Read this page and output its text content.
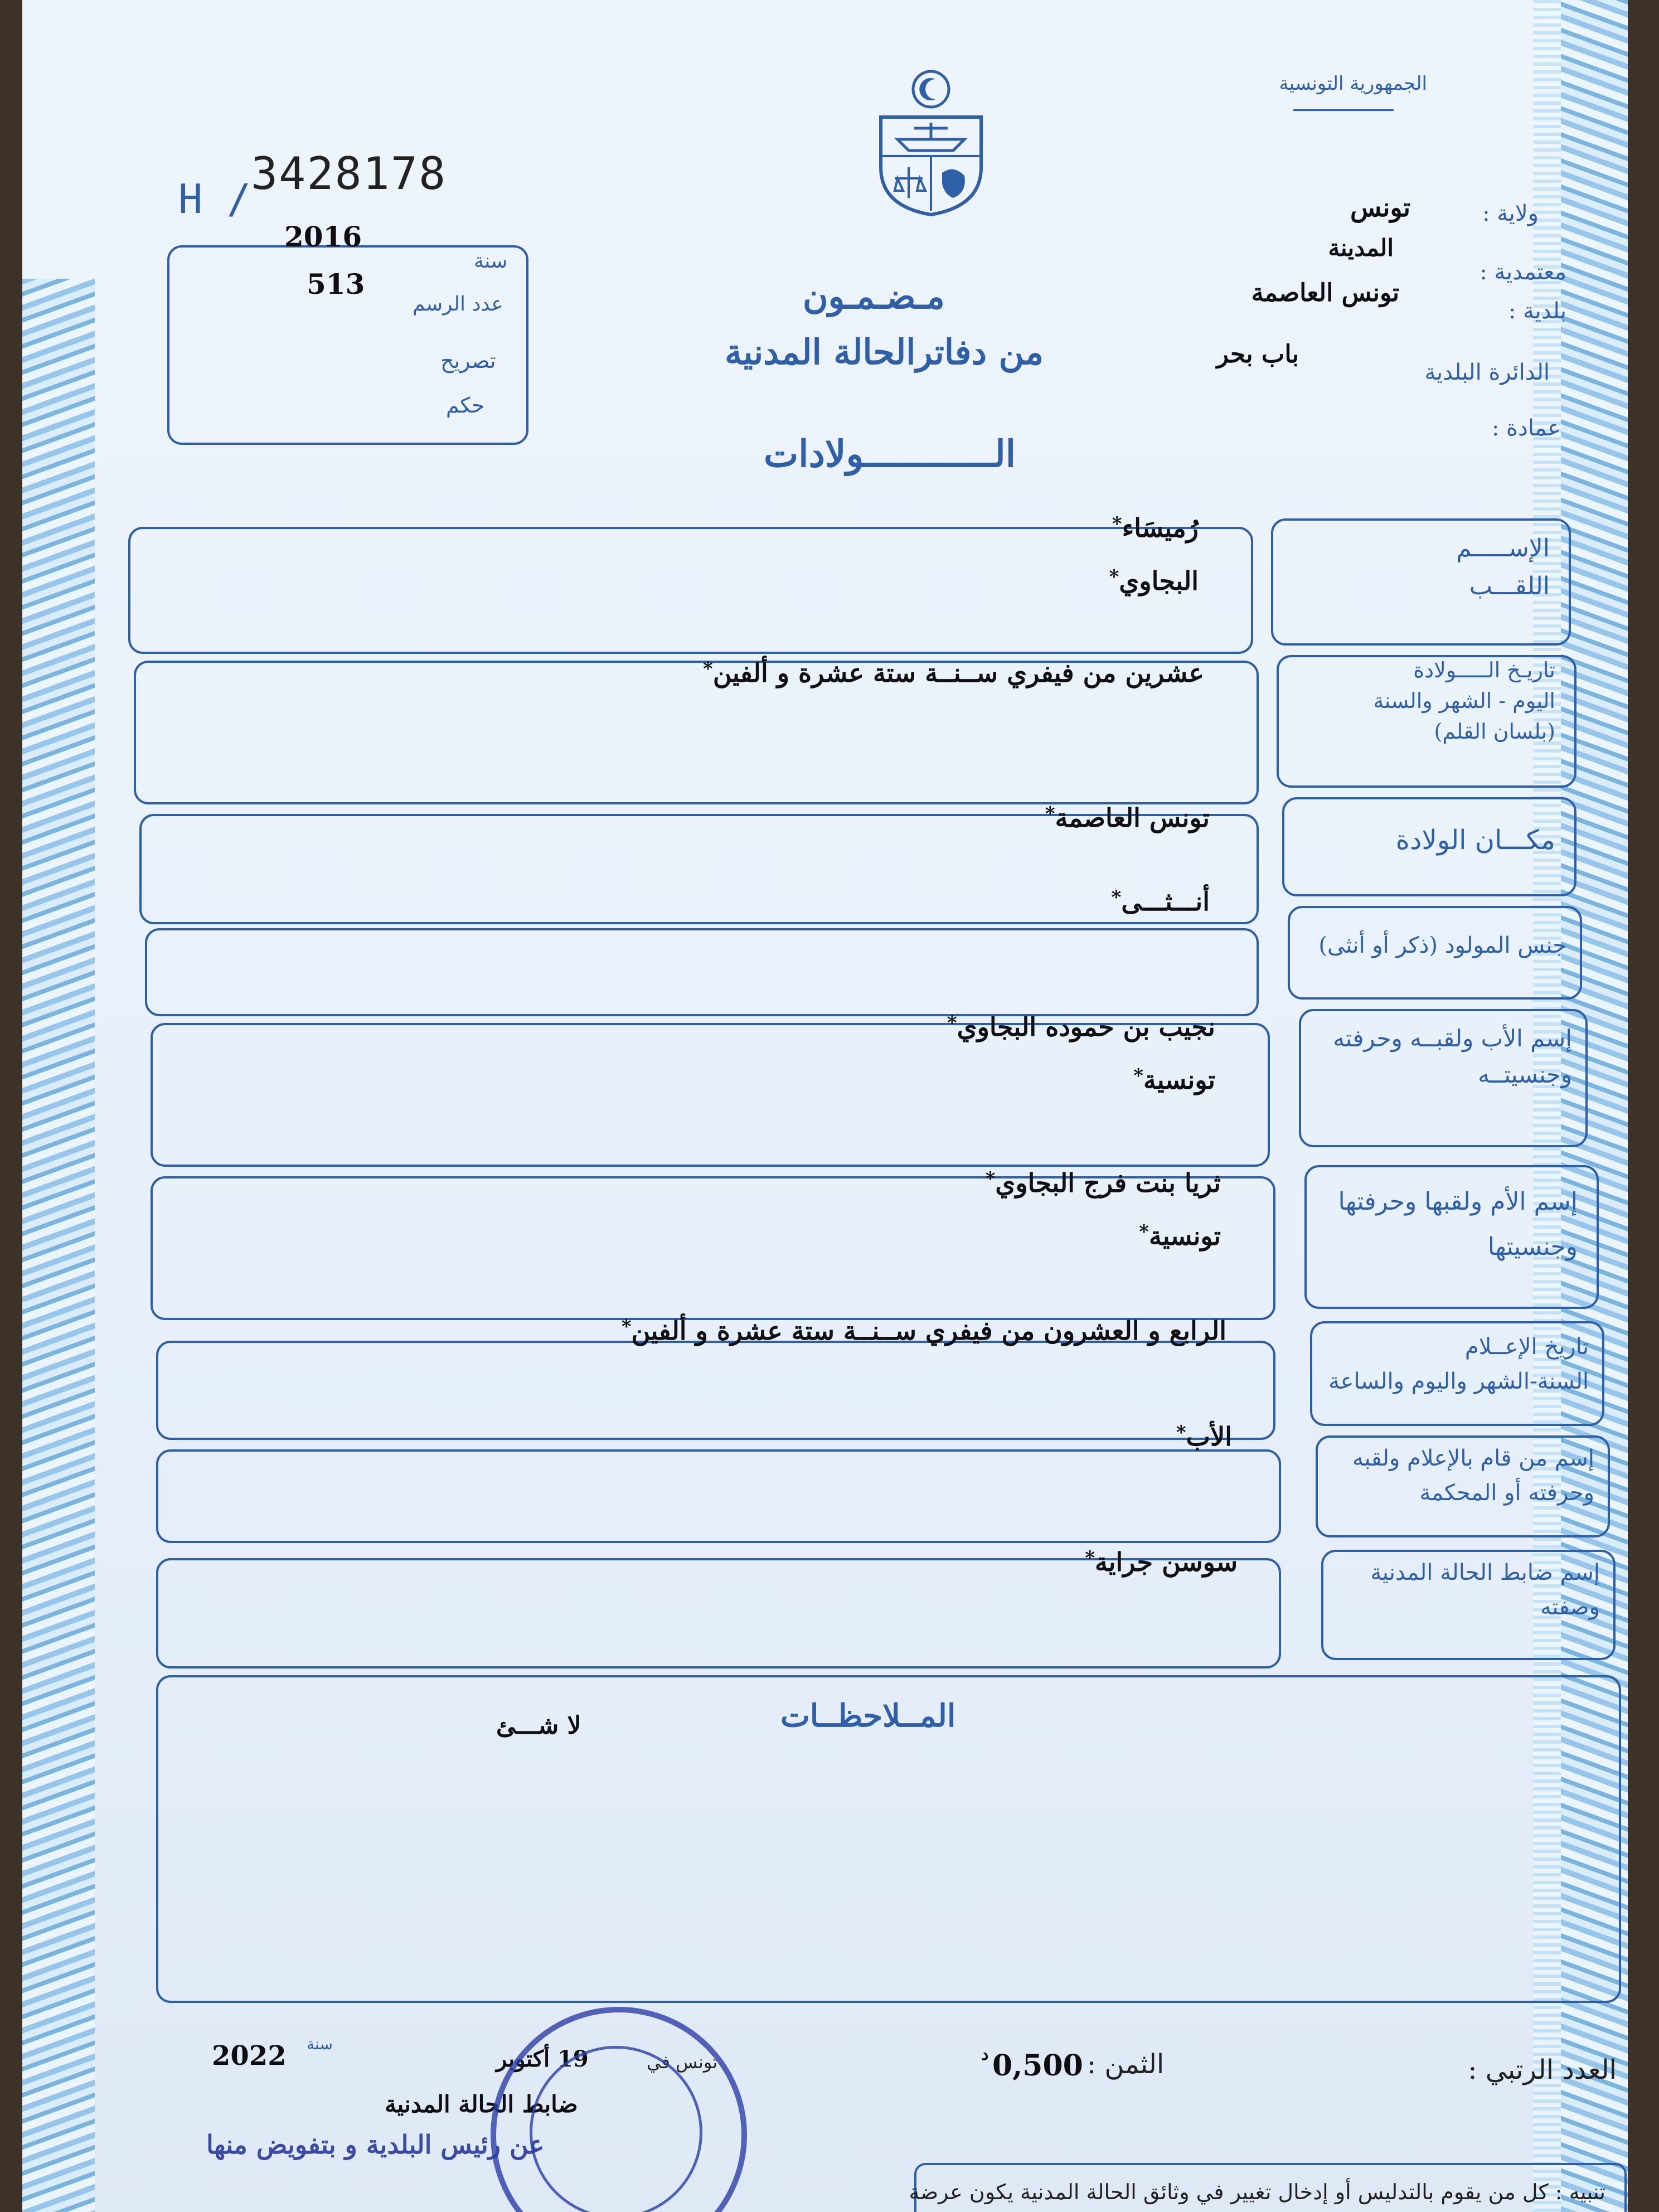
الجمهورية التونسية
H / 3428178
2016
سنة
513
عدد الرسم
تصريح
حكم
ولاية :
تونس
المدينة
معتمدية :
تونس العاصمة
بلدية :
باب بحر
الدائرة البلدية
عمادة :
مـضـمـون
من دفاترالحالة المدنية
الــــــــــــولادات
الإســـــم
اللقـــب
رُميسَاء*
البجاوي*
تاريـخ الـــــولادة
اليوم - الشهر والسنة
(بلسان القلم)
عشرين من فيفري ســنــة ستة عشرة و ألفين*
مكـــان الولادة
تونس العاصمة*
جنس المولود (ذكر أو أنثى)
أنـــثـــى*
إسم الأب ولقبــه وحرفته
وجنسيتــه
نجيب بن حموده البجاوي*
تونسية*
إسم الأم ولقبها وحرفتها
وجنسيتها
ثريا بنت فرج البجاوي*
تونسية*
تاريخ الإعــلام
السنة-الشهر واليوم والساعة
الرابع و العشرون من فيفري ســنــة ستة عشرة و ألفين*
إسم من قام بالإعلام ولقبه
وحرفته أو المحكمة
الأب*
إسم ضابط الحالة المدنية
وصفته
سوسن جراية*
المــلاحظــات
لا شـــئ
العدد الرتبي :
الثمن :
0,500
د
2022 سنة
19 أكتوبر	تونس في
ضابط الحالة المدنية
عن رئيس البلدية و بتفويض منها
تنبيه : كل من يقوم بالتدليس أو إدخال تغيير في وثائق الحالة المدنية يكون عرضة
